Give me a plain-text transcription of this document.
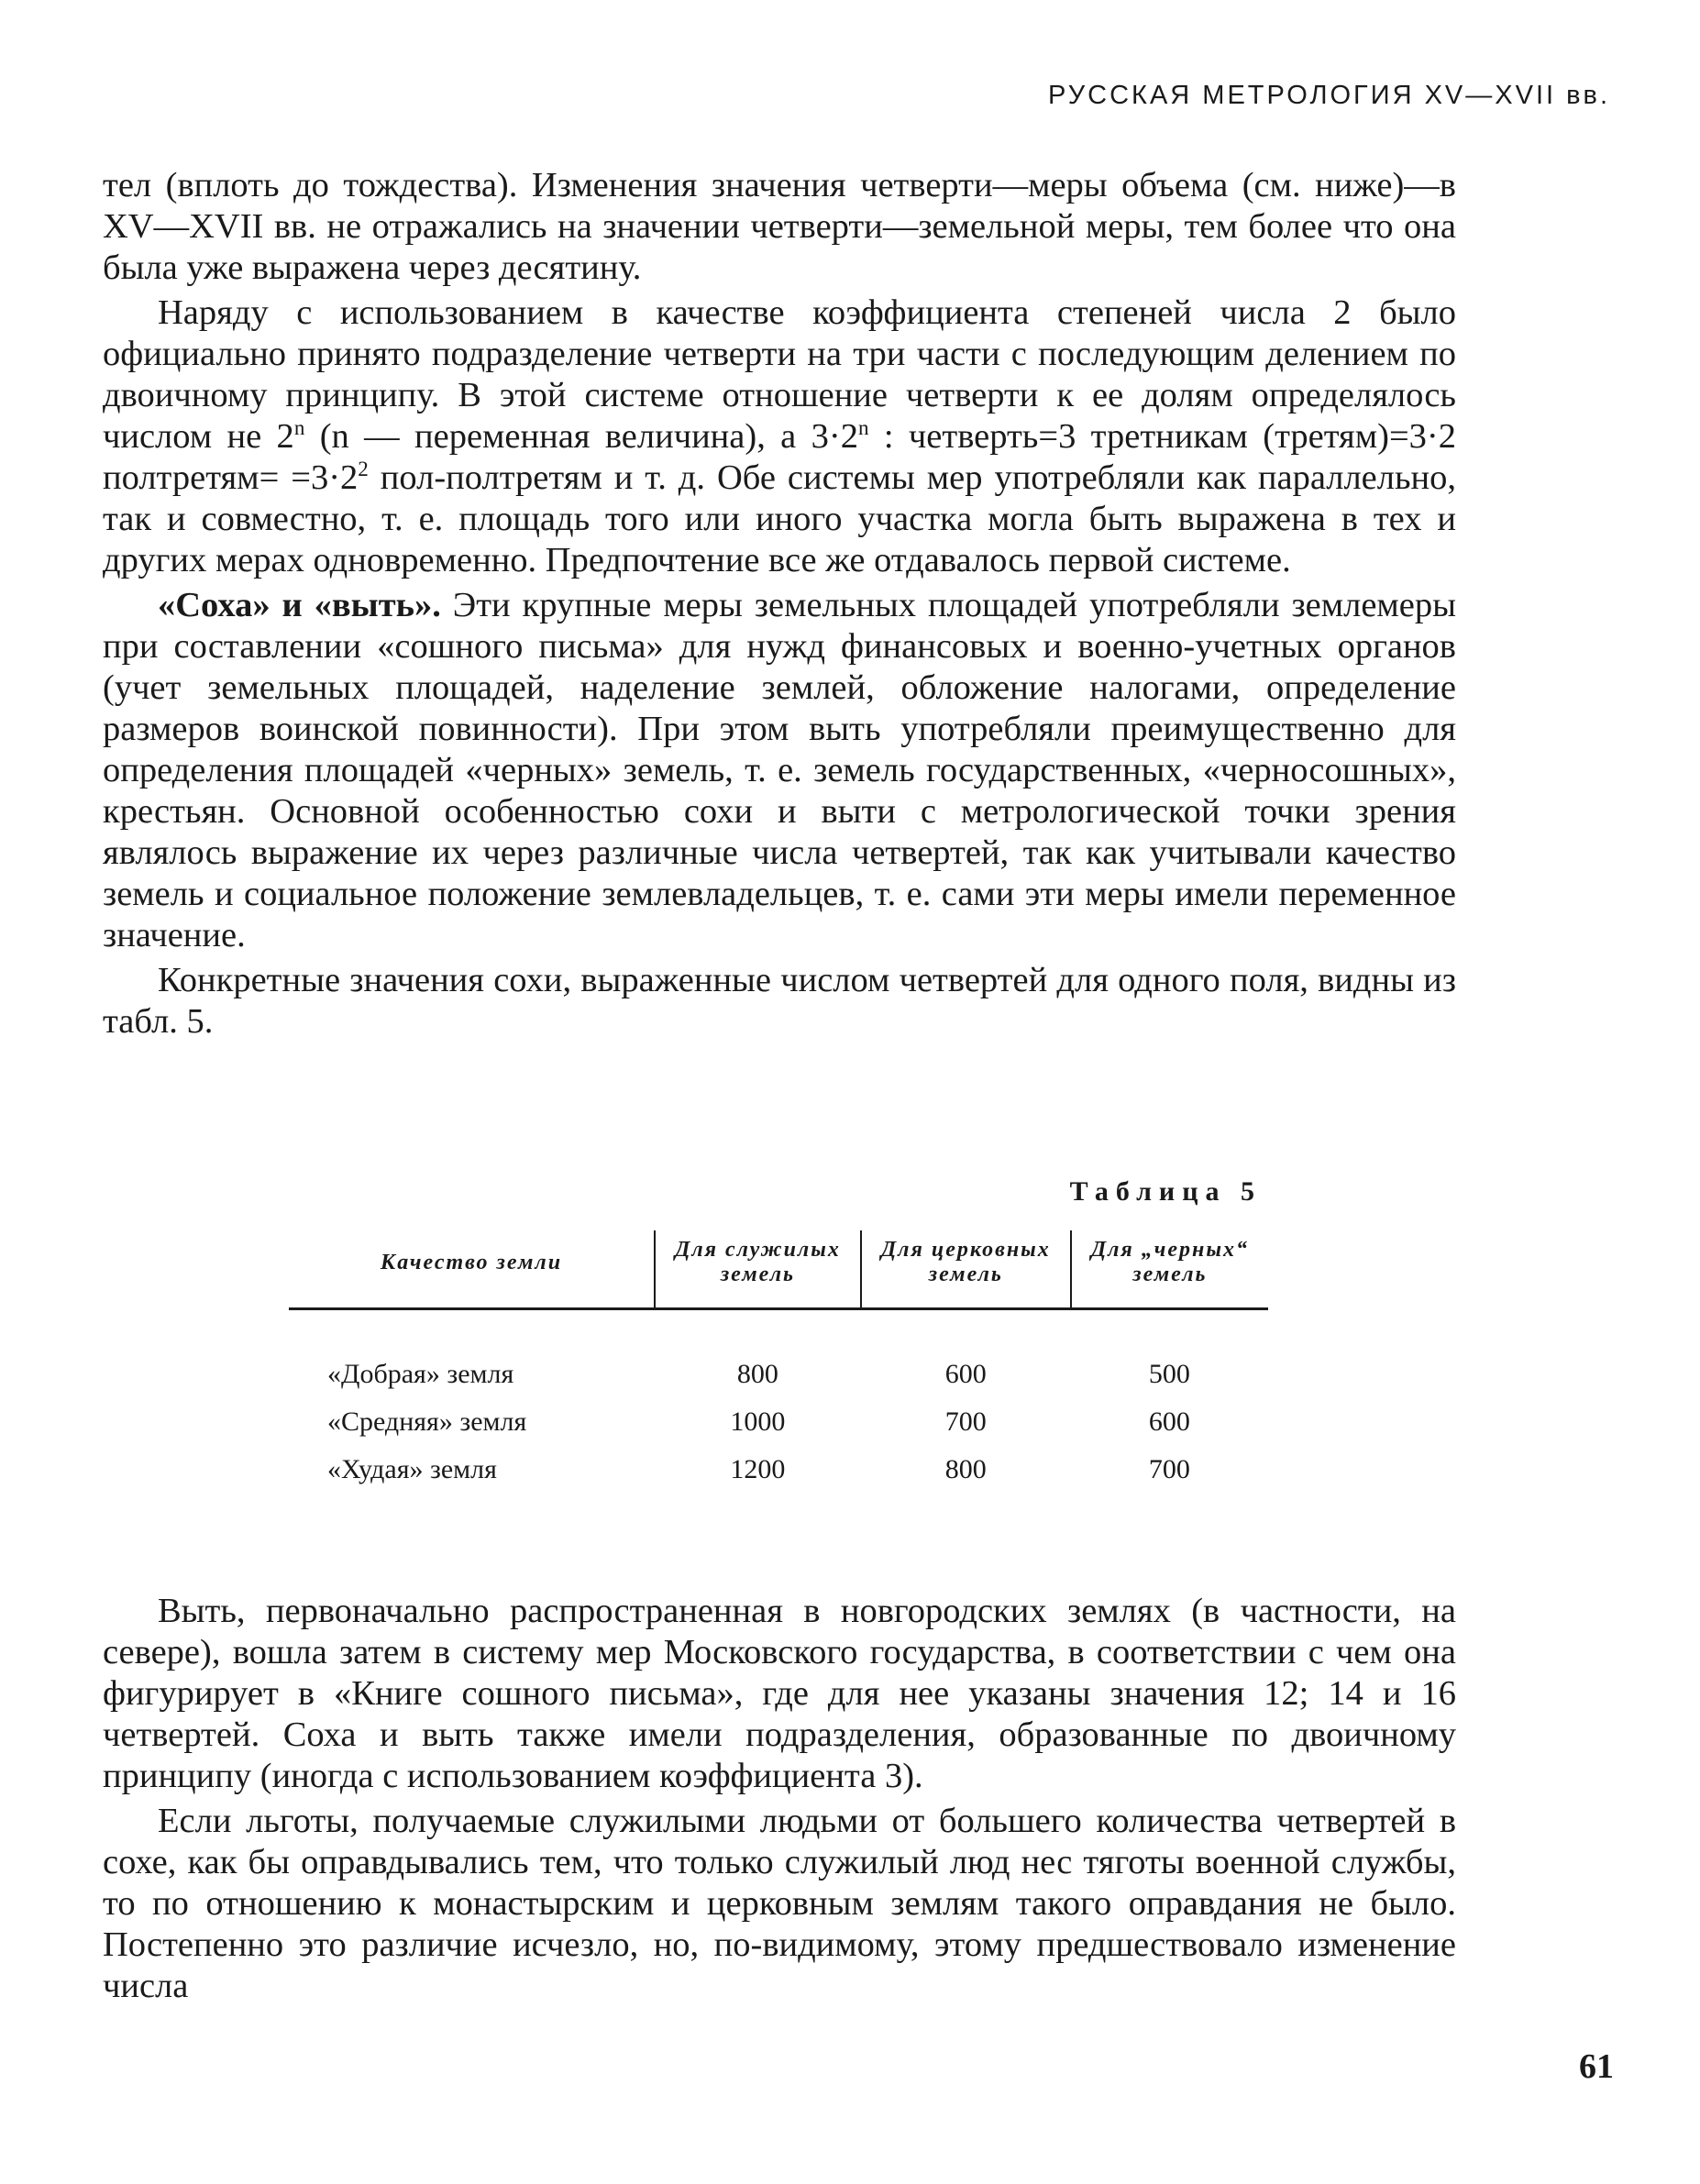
РУССКАЯ МЕТРОЛОГИЯ XV—XVII вв.

тел (вплоть до тождества). Изменения значения четверти—меры объема (см. ниже)—в XV—XVII вв. не отражались на значении четверти—земельной меры, тем более что она была уже выражена через десятину.

Наряду с использованием в качестве коэффициента степеней числа 2 было официально принято подразделение четверти на три части с последующим делением по двоичному принципу. В этой системе отношение четверти к ее долям определялось числом не 2$^n$ (n — переменная величина), а $3\cdot 2^n$ : четверть=3 третникам (третям)=3·2 полтретям= $=3\cdot 2^2$ пол-полтретям и т. д. Обе системы мер употребляли как параллельно, так и совместно, т. е. площадь того или иного участка могла быть выражена в тех и других мерах одновременно. Предпочтение все же отдавалось первой системе.

«Соха» и «выть». Эти крупные меры земельных площадей употребляли землемеры при составлении «сошного письма» для нужд финансовых и военно-учетных органов (учет земельных площадей, наделение землей, обложение налогами, определение размеров воинской повинности). При этом выть употребляли преимущественно для определения площадей «черных» земель, т. е. земель государственных, «черносошных», крестьян. Основной особенностью сохи и выти с метрологической точки зрения являлось выражение их через различные числа четвертей, так как учитывали качество земель и социальное положение землевладельцев, т. е. сами эти меры имели переменное значение.

Конкретные значения сохи, выраженные числом четвертей для одного поля, видны из табл. 5.

Таблица 5
Качество земли	Для служилых земель	Для церковных земель	Для „черных“ земель
«Добрая» земля	800	600	500
«Средняя» земля	1000	700	600
«Худая» земля	1200	800	700

Выть, первоначально распространенная в новгородских землях (в частности, на севере), вошла затем в систему мер Московского государства, в соответствии с чем она фигурирует в «Книге сошного письма», где для нее указаны значения 12; 14 и 16 четвертей. Соха и выть также имели подразделения, образованные по двоичному принципу (иногда с использованием коэффициента 3).

Если льготы, получаемые служилыми людьми от большего количества четвертей в сохе, как бы оправдывались тем, что только служилый люд нес тяготы военной службы, то по отношению к монастырским и церковным землям такого оправдания не было. Постепенно это различие исчезло, но, по-видимому, этому предшествовало изменение числа

61
